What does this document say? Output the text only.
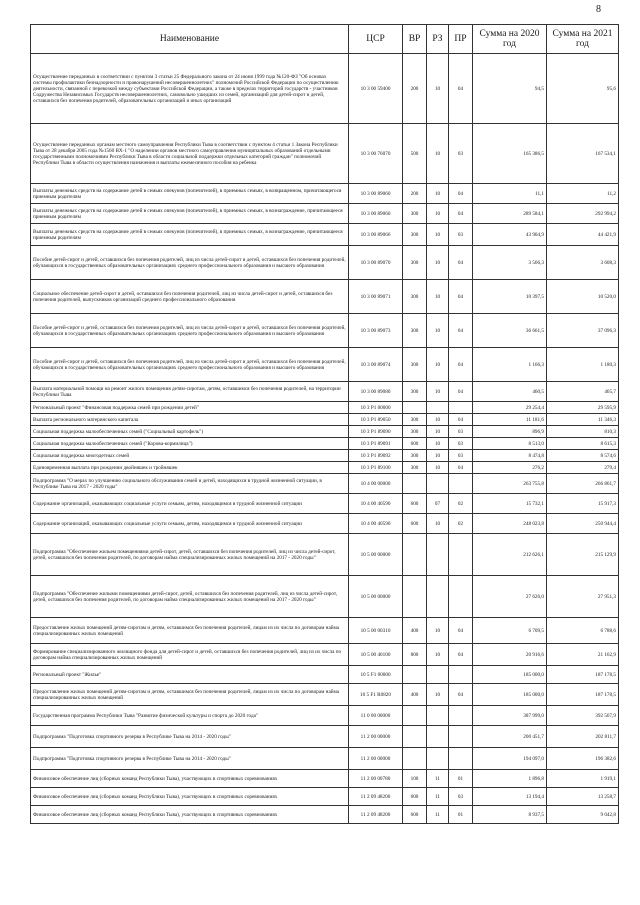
8
Наименование	ЦСР	ВР	РЗ	ПР	Сумма на 2020 год	Сумма на 2021 год
Осуществление переданных в соответствии с пунктом 3 статьи 25 Федерального закона от 24 июня 1999 года №120-ФЗ "Об основах системы профилактики безнадзорности и правонарушений несовершеннолетних" полномочий Российской Федерации по осуществлению деятельности, связанной с перевозкой между субъектами Российской Федерации, а также в пределах территорий государств - участников Содружества Независимых Государств несовершеннолетних, самовольно ушедших из семей, организаций для детей-сирот и детей, оставшихся без попечения родителей, образовательных организаций и иных организаций	10 3 00 59400	200	10	04	94,5	95,6
Осуществление переданных органам местного самоуправления Республики Тыва в соответствии с пунктом 4 статьи 1 Закона Республики Тыва от 28 декабря 2005 года №1560 ВХ-1 "О наделении органов местного самоуправления муниципальных образований отдельными государственными полномочиями Республики Тыва в области социальной поддержки отдельных категорий граждан" полномочий Республики Тыва в области осуществления назначения и выплаты ежемесячного пособия на ребенка	10 3 00 76070	500	10	03	165 386,5	167 534,1
Выплаты денежных средств на содержание детей в семьях опекунов (попечителей), в приемных семьях, в возвращенном, причитающегося приемным родителям	10 3 00 89060	200	10	04	11,1	11,2
Выплаты денежных средств на содержание детей в семьях опекунов (попечителей), в приемных семьях, в вознаграждение, причитающееся приемным родителям	10 3 00 89060	300	10	04	289 584,1	292 994,2
Выплаты денежных средств на содержание детей в семьях опекунов (попечителей), в приемных семьях, в вознаграждение, причитающееся приемным родителям	10 3 00 89066	300	10	03	43 904,9	44 421,9
Пособие детей-сирот и детей, оставшихся без попечения родителей, лиц из числа детей-сирот и детей, оставшихся без попечения родителей, обучающихся в государственных образовательных организациях среднего профессионального образования и высшего образования	10 3 00 89070	300	10	04	3 566,3	3 608,3
Социальное обеспечение детей-сирот и детей, оставшихся без попечения родителей, лиц из числа детей-сирот и детей, оставшихся без попечения родителей, выпускников организаций среднего профессионального образования	10 3 00 89071	300	10	04	10 397,5	10 520,0
Пособие детей-сирот и детей, оставшихся без попечения родителей, лиц из числа детей-сирот и детей, оставшихся без попечения родителей, обучающихся в государственных образовательных организациях среднего профессионального образования и высшего образования	10 3 00 89073	300	10	04	36 661,5	37 096,3
Пособие детей-сирот и детей, оставшихся без попечения родителей, лиц из числа детей-сирот и детей, оставшихся без попечения родителей, обучающихся в государственных образовательных организациях среднего профессионального образования и высшего образования	10 3 00 89074	300	10	04	1 166,3	1 180,3
Выплата материальной помощи на ремонт жилого помещения детям-сиротам, детям, оставшимся без попечения родителей, на территории Республики Тыва	10 3 00 89080	300	10	04	460,5	465,7
Региональный проект "Финансовая поддержка семей при рождении детей"	10 3 P1 00000				29 254,4	29 595,9
Выплата регионального материнского капитала	10 3 P1 89050	300	10	04	11 181,6	11 346,3
Социальная поддержка малообеспеченных семей ("Социальный картофель")	10 3 P1 89090	300	10	03	896,9	810,3
Социальная поддержка малообеспеченных семей ("Корова-кормилица")	10 3 P1 89091	600	10	03	8 513,0	8 615,3
Социальная поддержка многодетных семей	10 3 P1 89092	300	10	03	8 474,8	8 574,6
Единовременная выплата при рождении двойняшек и тройняшек	10 3 P1 89100	300	10	04	276,2	279,4
Подпрограмма "О мерах по улучшению социального обслуживания семей и детей, находящихся в трудной жизненной ситуации, в Республике Тыва на 2017 - 2020 годы"	10 4 00 00000				263 755,8	266 861,7
Содержание организаций, оказывающих социальные услуги семьям, детям, находящимся в трудной жизненной ситуации	10 4 00 40590	600	07	02	15 732,1	15 917,3
Содержание организаций, оказывающих социальные услуги семьям, детям, находящимся в трудной жизненной ситуации	10 4 00 40590	600	10	02	248 023,8	250 944,4
Подпрограмма "Обеспечение жильем помещениями детей-сирот, детей, оставшихся без попечения родителей, лиц из числа детей-сирот, детей, оставшихся без попечения родителей, по договорам найма специализированных жилых помещений на 2017 - 2020 годы"	10 5 00 00000				212 626,1	215 129,9
Подпрограмма "Обеспечение жилыми помещениями детей-сирот, детей, оставшихся без попечения родителей, лиц из числа детей-сирот, детей, оставшихся без попечения родителей, по договорам найма специализированных жилых помещений на 2017 - 2020 годы"	10 5 00 00000				27 626,0	27 951,3
Предоставление жилых помещений детям-сиротам и детям, оставшимся без попечения родителей, лицам из их числа по договорам найма специализированных жилых помещений	10 5 00 00310	400	10	04	6 709,5	6 788,6
Формирование специализированного жилищного фонда для детей-сирот и детей, оставшихся без попечения родителей, лиц из их числа по договорам найма специализированных жилых помещений	10 5 00 40100	800	10	04	20 916,6	21 162,9
Региональный проект "Жилье"	10 5 F1 00000				185 000,0	187 178,5
Предоставление жилых помещений детям-сиротам и детям, оставшимся без попечения родителей, лицам из их числа по договорам найма специализированных жилых помещений	10 5 F1 R0820	400	10	04	185 000,0	187 178,5
Государственная программа Республики Тыва "Развитие физической культуры и спорта до 2020 года"	11 0 00 00000				387 999,0	392 567,9
Подпрограмма "Подготовка спортивного резерва в Республике Тыва на 2014 - 2020 годы"	11 2 00 00000				200 451,7	202 811,7
Подпрограмма "Подготовка спортивного резерва в Республике Тыва на 2014 - 2020 годы"	11 2 00 00000				194 097,0	196 382,6
Финансовое обеспечение лиц (сборных команд Республики Тыва), участвующих в спортивных соревнованиях	11 2 00 00780	100	11	01	1 896,8	1 919,1
Финансовое обеспечение лиц (сборных команд Республики Тыва), участвующих в спортивных соревнованиях	11 2 09 48200	600	11	03	13 194,4	13 258,7
Финансовое обеспечение лиц (сборных команд Республики Тыва), участвующих в спортивных соревнованиях	11 2 09 48200	600	11	01	8 937,5	9 042,8
